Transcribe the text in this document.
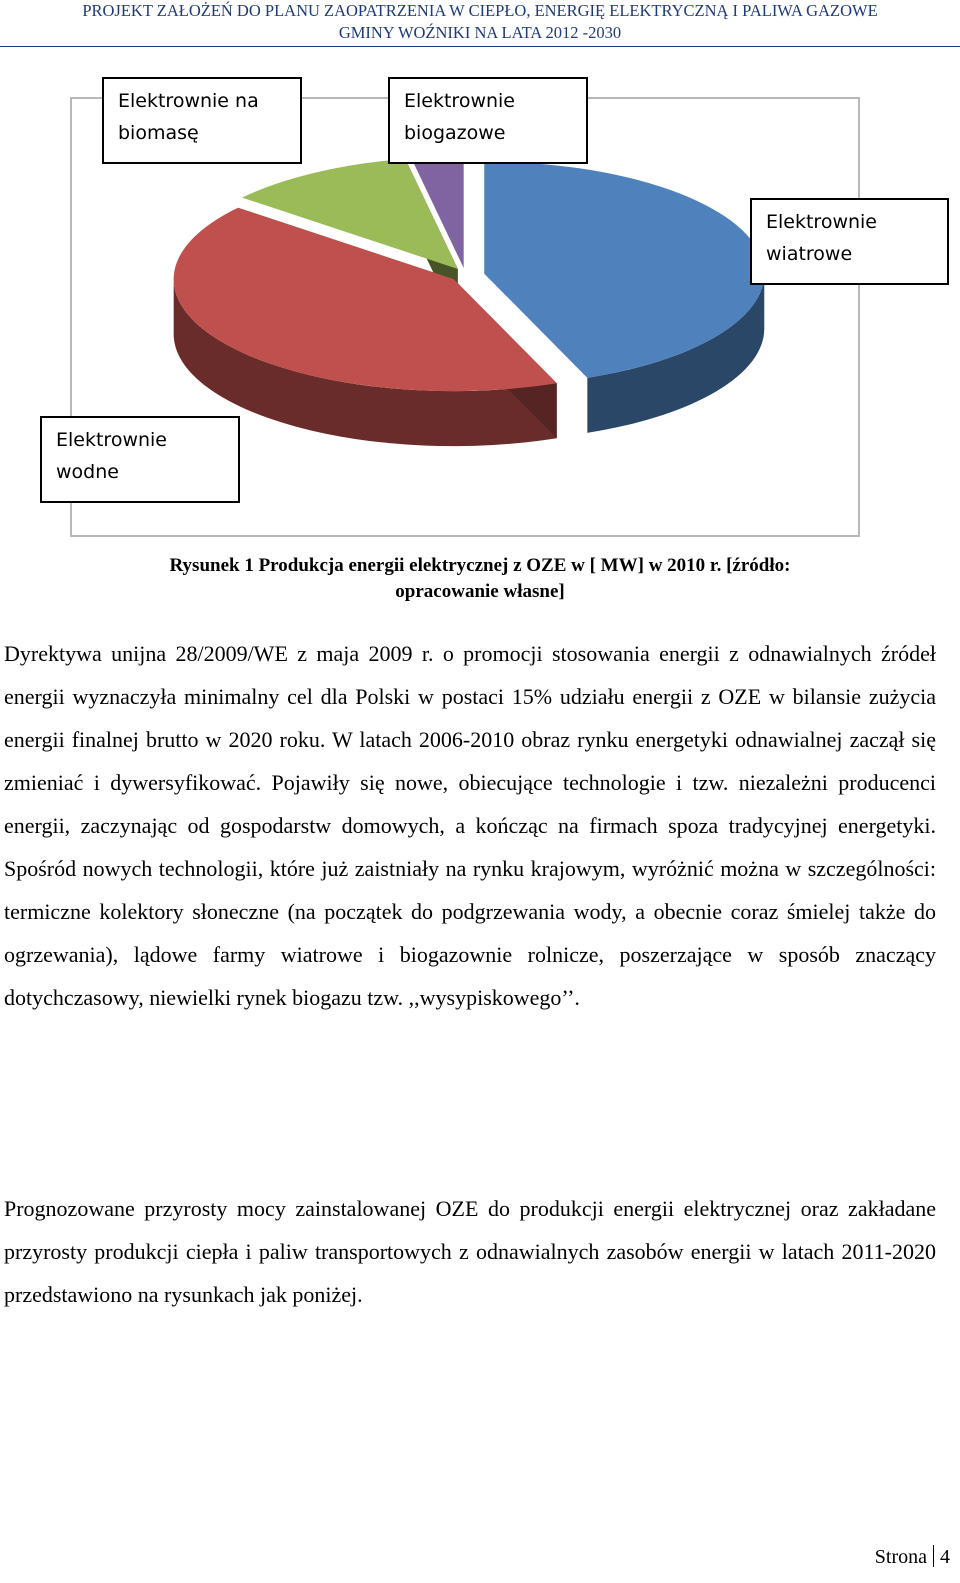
PROJEKT ZAŁOŻEŃ DO PLANU ZAOPATRZENIA W CIEPŁO, ENERGIĘ ELEKTRYCZNĄ I PALIWA GAZOWE
GMINY WOŹNIKI NA LATA 2012 -2030
Elektrownie na
biomasę
Elektrownie
biogazowe
Elektrownie
wiatrowe
Elektrownie
wodne
Rysunek 1 Produkcja energii elektrycznej z OZE w [ MW] w 2010 r. [źródło:
opracowanie własne]
Dyrektywa unijna 28/2009/WE z maja 2009 r. o promocji stosowania energii z odnawialnych źródeł energii wyznaczyła minimalny cel dla Polski w postaci 15% udziału energii z OZE w bilansie zużycia energii finalnej brutto w 2020 roku. W latach 2006-2010 obraz rynku energetyki odnawialnej zaczął się zmieniać i dywersyfikować. Pojawiły się nowe, obiecujące technologie i tzw. niezależni producenci energii, zaczynając od gospodarstw domowych, a kończąc na firmach spoza tradycyjnej energetyki. Spośród nowych technologii, które już zaistniały na rynku krajowym, wyróżnić można w szczególności: termiczne kolektory słoneczne (na początek do podgrzewania wody, a obecnie coraz śmielej także do ogrzewania), lądowe farmy wiatrowe i biogazownie rolnicze, poszerzające w sposób znaczący dotychczasowy, niewielki rynek biogazu tzw. ,,wysypiskowego’’.
Prognozowane przyrosty mocy zainstalowanej OZE do produkcji energii elektrycznej oraz zakładane przyrosty produkcji ciepła i paliw transportowych z odnawialnych zasobów energii w latach 2011-2020 przedstawiono na rysunkach jak poniżej.
Strona 4
